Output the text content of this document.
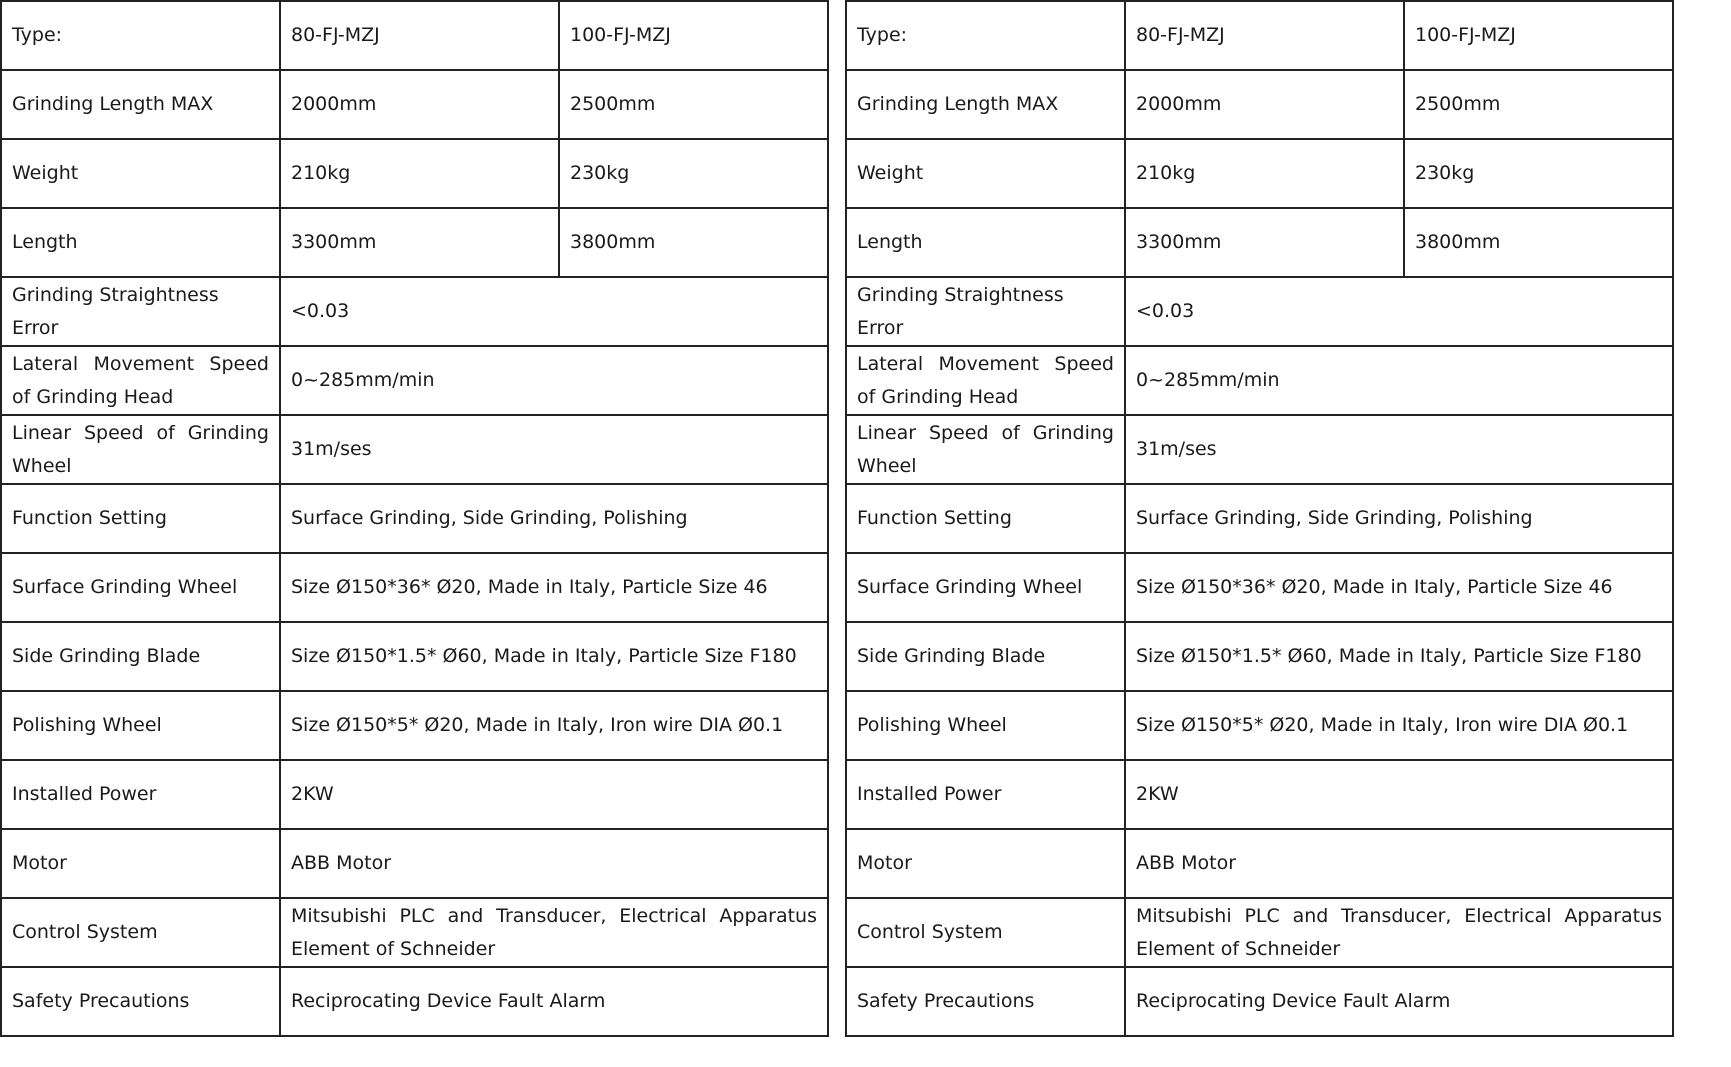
Type:	80-FJ-MZJ	100-FJ-MZJ
Grinding Length MAX	2000mm	2500mm
Weight	210kg	230kg
Length	3300mm	3800mm
Grinding Straightness Error	<0.03	
Lateral Movement Speed of Grinding Head	0~285mm/min	
Linear Speed of Grinding Wheel	31m/ses	
Function Setting	Surface Grinding, Side Grinding, Polishing	
Surface Grinding Wheel	Size Ø150*36* Ø20, Made in Italy, Particle Size 46	
Side Grinding Blade	Size Ø150*1.5* Ø60, Made in Italy, Particle Size F180	
Polishing Wheel	Size Ø150*5* Ø20, Made in Italy, Iron wire DIA Ø0.1	
Installed Power	2KW	
Motor	ABB Motor	
Control System	Mitsubishi PLC and Transducer, Electrical Apparatus Element of Schneider	
Safety Precautions	Reciprocating Device Fault Alarm	
Type:	80-FJ-MZJ	100-FJ-MZJ
Grinding Length MAX	2000mm	2500mm
Weight	210kg	230kg
Length	3300mm	3800mm
Grinding Straightness Error	<0.03	
Lateral Movement Speed of Grinding Head	0~285mm/min	
Linear Speed of Grinding Wheel	31m/ses	
Function Setting	Surface Grinding, Side Grinding, Polishing	
Surface Grinding Wheel	Size Ø150*36* Ø20, Made in Italy, Particle Size 46	
Side Grinding Blade	Size Ø150*1.5* Ø60, Made in Italy, Particle Size F180	
Polishing Wheel	Size Ø150*5* Ø20, Made in Italy, Iron wire DIA Ø0.1	
Installed Power	2KW	
Motor	ABB Motor	
Control System	Mitsubishi PLC and Transducer, Electrical Apparatus Element of Schneider	
Safety Precautions	Reciprocating Device Fault Alarm	
